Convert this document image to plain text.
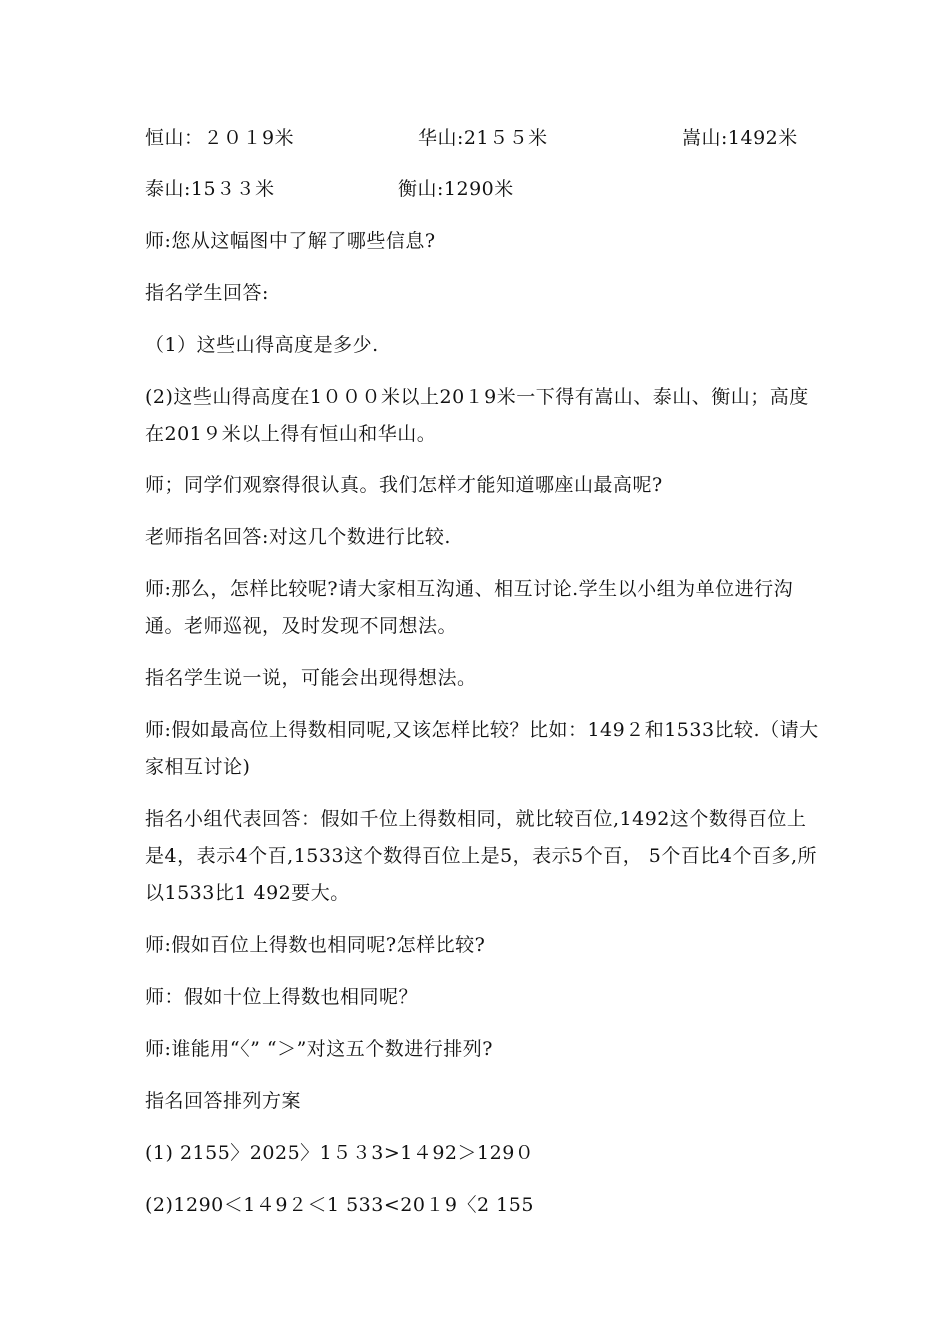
恒山：２０１9米	华山:21５５米	嵩山:1492米
泰山:15３３米	衡山:1290米

师:您从这幅图中了解了哪些信息?

指名学生回答:

（1）这些山得高度是多少.

(2)这些山得高度在1０００米以上20１9米一下得有嵩山、泰山、衡山；高度在201９米以上得有恒山和华山。

师；同学们观察得很认真。我们怎样才能知道哪座山最高呢?

老师指名回答:对这几个数进行比较.

师:那么，怎样比较呢?请大家相互沟通、相互讨论.学生以小组为单位进行沟通。老师巡视，及时发现不同想法。

指名学生说一说，可能会出现得想法。

师:假如最高位上得数相同呢,又该怎样比较？比如：149２和1533比较.（请大家相互讨论)

指名小组代表回答：假如千位上得数相同，就比较百位,1492这个数得百位上是4，表示4个百,1533这个数得百位上是5，表示5个百， 5个百比4个百多,所以1533比1 492要大。

师:假如百位上得数也相同呢?怎样比较?

师：假如十位上得数也相同呢？

师:谁能用“〈” “＞”对这五个数进行排列?

指名回答排列方案

(1) 2155〉2025〉1５３3>1４92＞129０

(2)1290＜1４9２＜1 533<20１9〈2 155
